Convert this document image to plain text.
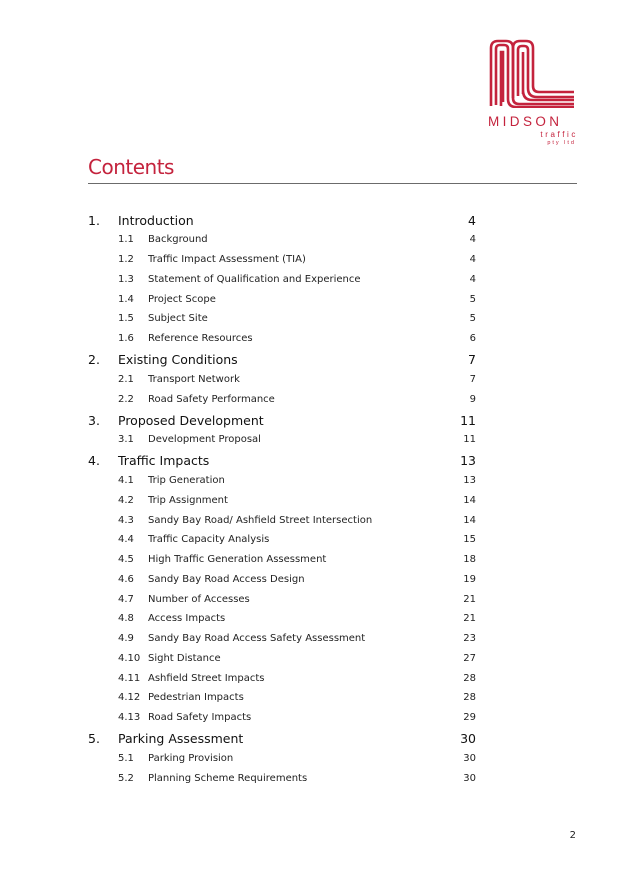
MIDSON
traffic
pty ltd
Contents
1.	Introduction	4
1.1	Background	4
1.2	Traffic Impact Assessment (TIA)	4
1.3	Statement of Qualification and Experience	4
1.4	Project Scope	5
1.5	Subject Site	5
1.6	Reference Resources	6
2.	Existing Conditions	7
2.1	Transport Network	7
2.2	Road Safety Performance	9
3.	Proposed Development	11
3.1	Development Proposal	11
4.	Traffic Impacts	13
4.1	Trip Generation	13
4.2	Trip Assignment	14
4.3	Sandy Bay Road/ Ashfield Street Intersection	14
4.4	Traffic Capacity Analysis	15
4.5	High Traffic Generation Assessment	18
4.6	Sandy Bay Road Access Design	19
4.7	Number of Accesses	21
4.8	Access Impacts	21
4.9	Sandy Bay Road Access Safety Assessment	23
4.10 Sight Distance	27
4.11 Ashfield Street Impacts	28
4.12 Pedestrian Impacts	28
4.13 Road Safety Impacts	29
5.	Parking Assessment	30
5.1	Parking Provision	30
5.2	Planning Scheme Requirements	30
2
